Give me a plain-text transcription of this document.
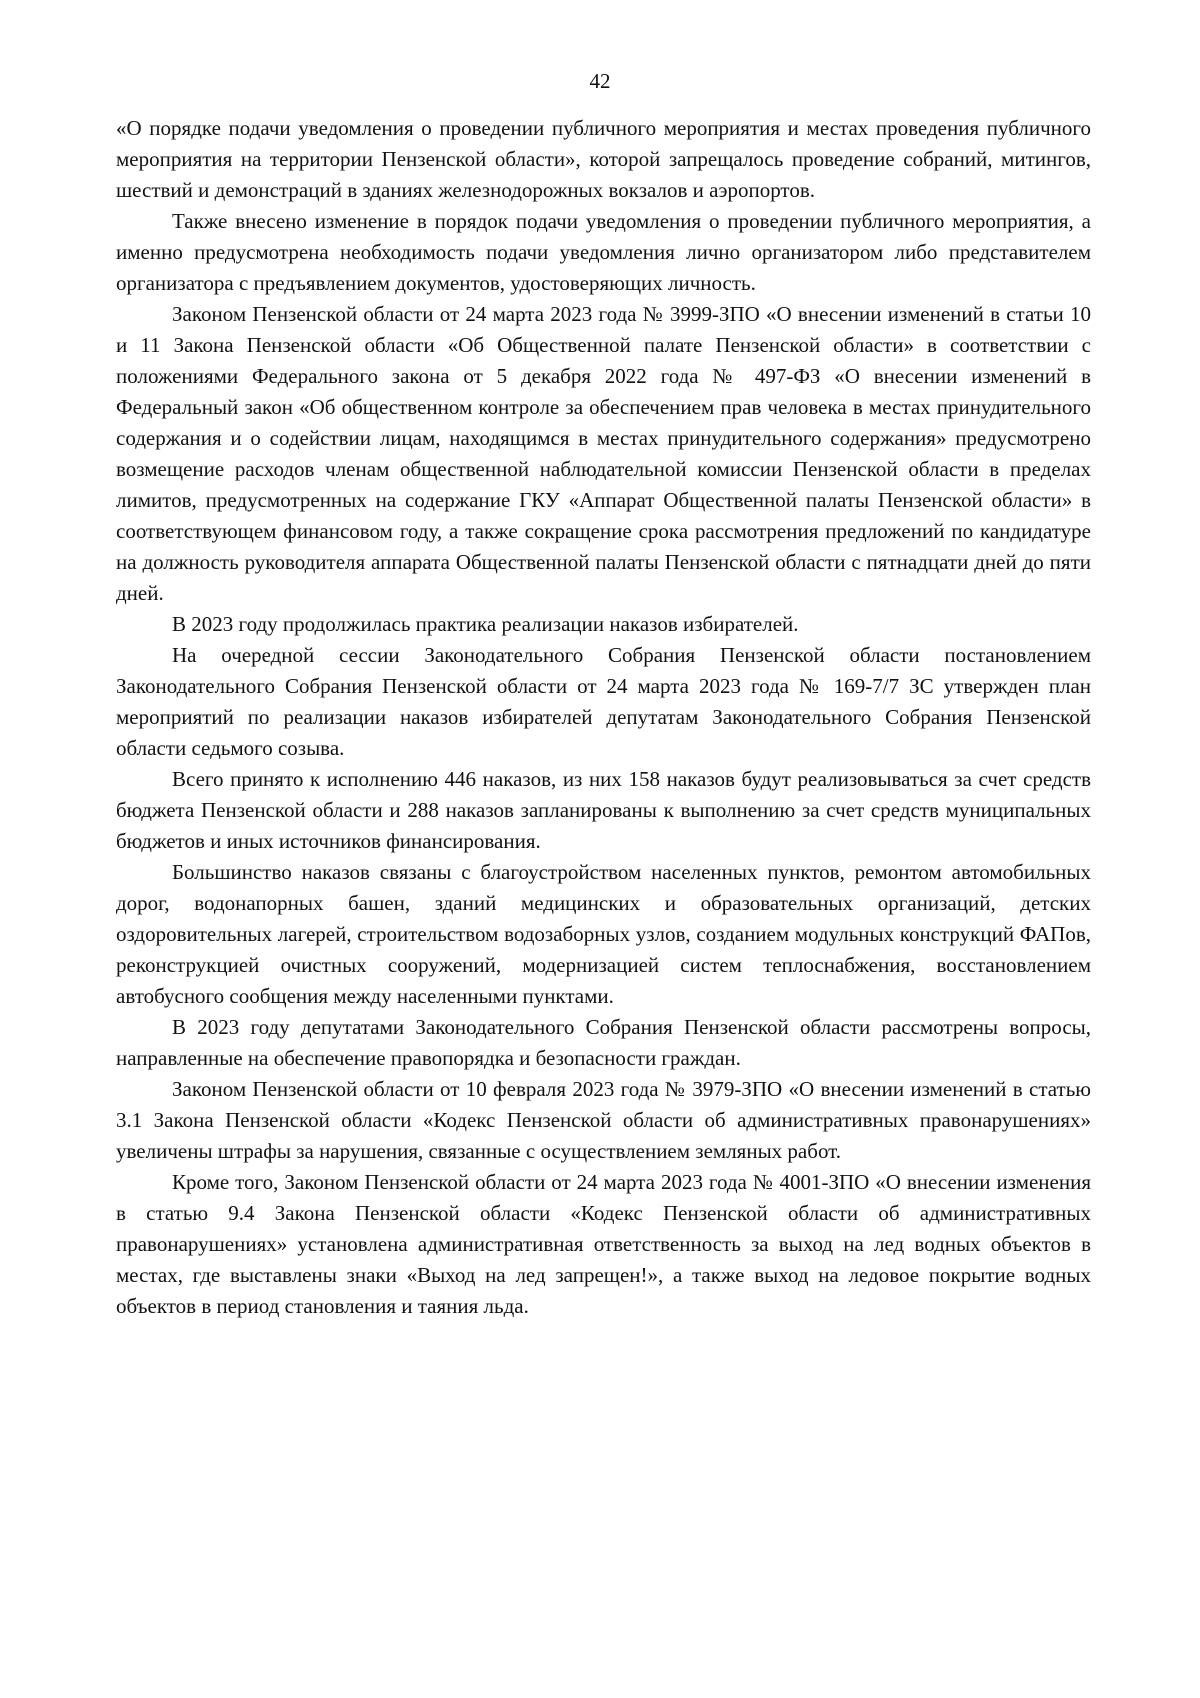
42

«О порядке подачи уведомления о проведении публичного мероприятия и местах проведения публичного мероприятия на территории Пензенской области», которой запрещалось проведение собраний, митингов, шествий и демонстраций в зданиях железнодорожных вокзалов и аэропортов.

Также внесено изменение в порядок подачи уведомления о проведении публичного мероприятия, а именно предусмотрена необходимость подачи уведомления лично организатором либо представителем организатора с предъявлением документов, удостоверяющих личность.

Законом Пензенской области от 24 марта 2023 года № 3999-ЗПО «О внесении изменений в статьи 10 и 11 Закона Пензенской области «Об Общественной палате Пензенской области» в соответствии с положениями Федерального закона от 5 декабря 2022 года № 497-ФЗ «О внесении изменений в Федеральный закон «Об общественном контроле за обеспечением прав человека в местах принудительного содержания и о содействии лицам, находящимся в местах принудительного содержания» предусмотрено возмещение расходов членам общественной наблюдательной комиссии Пензенской области в пределах лимитов, предусмотренных на содержание ГКУ «Аппарат Общественной палаты Пензенской области» в соответствующем финансовом году, а также сокращение срока рассмотрения предложений по кандидатуре на должность руководителя аппарата Общественной палаты Пензенской области с пятнадцати дней до пяти дней.

В 2023 году продолжилась практика реализации наказов избирателей.

На очередной сессии Законодательного Собрания Пензенской области постановлением Законодательного Собрания Пензенской области от 24 марта 2023 года № 169-7/7 ЗС утвержден план мероприятий по реализации наказов избирателей депутатам Законодательного Собрания Пензенской области седьмого созыва.

Всего принято к исполнению 446 наказов, из них 158 наказов будут реализовываться за счет средств бюджета Пензенской области и 288 наказов запланированы к выполнению за счет средств муниципальных бюджетов и иных источников финансирования.

Большинство наказов связаны с благоустройством населенных пунктов, ремонтом автомобильных дорог, водонапорных башен, зданий медицинских и образовательных организаций, детских оздоровительных лагерей, строительством водозаборных узлов, созданием модульных конструкций ФАПов, реконструкцией очистных сооружений, модернизацией систем теплоснабжения, восстановлением автобусного сообщения между населенными пунктами.

В 2023 году депутатами Законодательного Собрания Пензенской области рассмотрены вопросы, направленные на обеспечение правопорядка и безопасности граждан.

Законом Пензенской области от 10 февраля 2023 года № 3979-ЗПО «О внесении изменений в статью 3.1 Закона Пензенской области «Кодекс Пензенской области об административных правонарушениях» увеличены штрафы за нарушения, связанные с осуществлением земляных работ.

Кроме того, Законом Пензенской области от 24 марта 2023 года № 4001-ЗПО «О внесении изменения в статью 9.4 Закона Пензенской области «Кодекс Пензенской области об административных правонарушениях» установлена административная ответственность за выход на лед водных объектов в местах, где выставлены знаки «Выход на лед запрещен!», а также выход на ледовое покрытие водных объектов в период становления и таяния льда.
